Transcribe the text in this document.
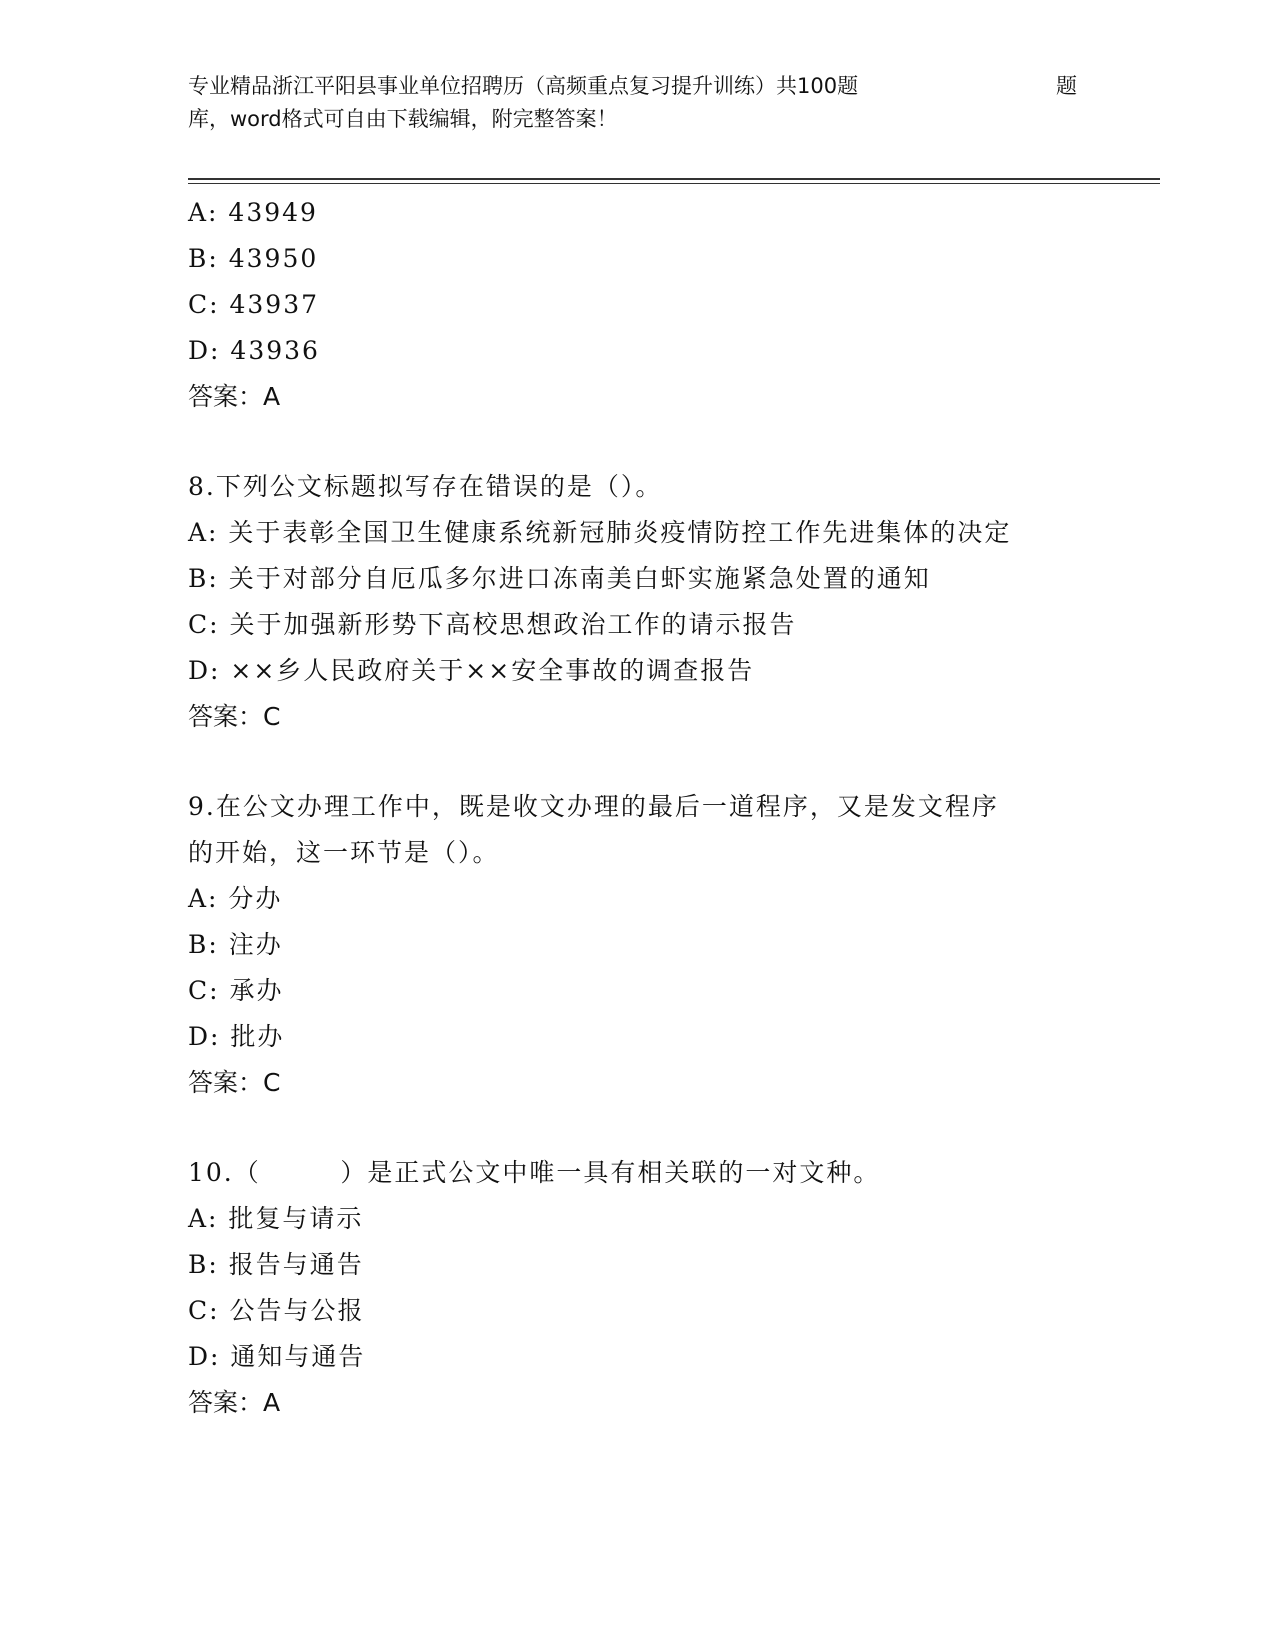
专业精品浙江平阳县事业单位招聘历（高频重点复习提升训练）共100题	题
库，word格式可自由下载编辑，附完整答案！
A: 43949
B: 43950
C: 43937
D: 43936
答案：A
8.下列公文标题拟写存在错误的是（）。
A: 关于表彰全国卫生健康系统新冠肺炎疫情防控工作先进集体的决定
B: 关于对部分自厄瓜多尔进口冻南美白虾实施紧急处置的通知
C: 关于加强新形势下高校思想政治工作的请示报告
D: ××乡人民政府关于××安全事故的调查报告
答案：C
9.在公文办理工作中，既是收文办理的最后一道程序，又是发文程序
的开始，这一环节是（）。
A: 分办
B: 注办
C: 承办
D: 批办
答案：C
10.（        ）是正式公文中唯一具有相关联的一对文种。
A: 批复与请示
B: 报告与通告
C: 公告与公报
D: 通知与通告
答案：A
